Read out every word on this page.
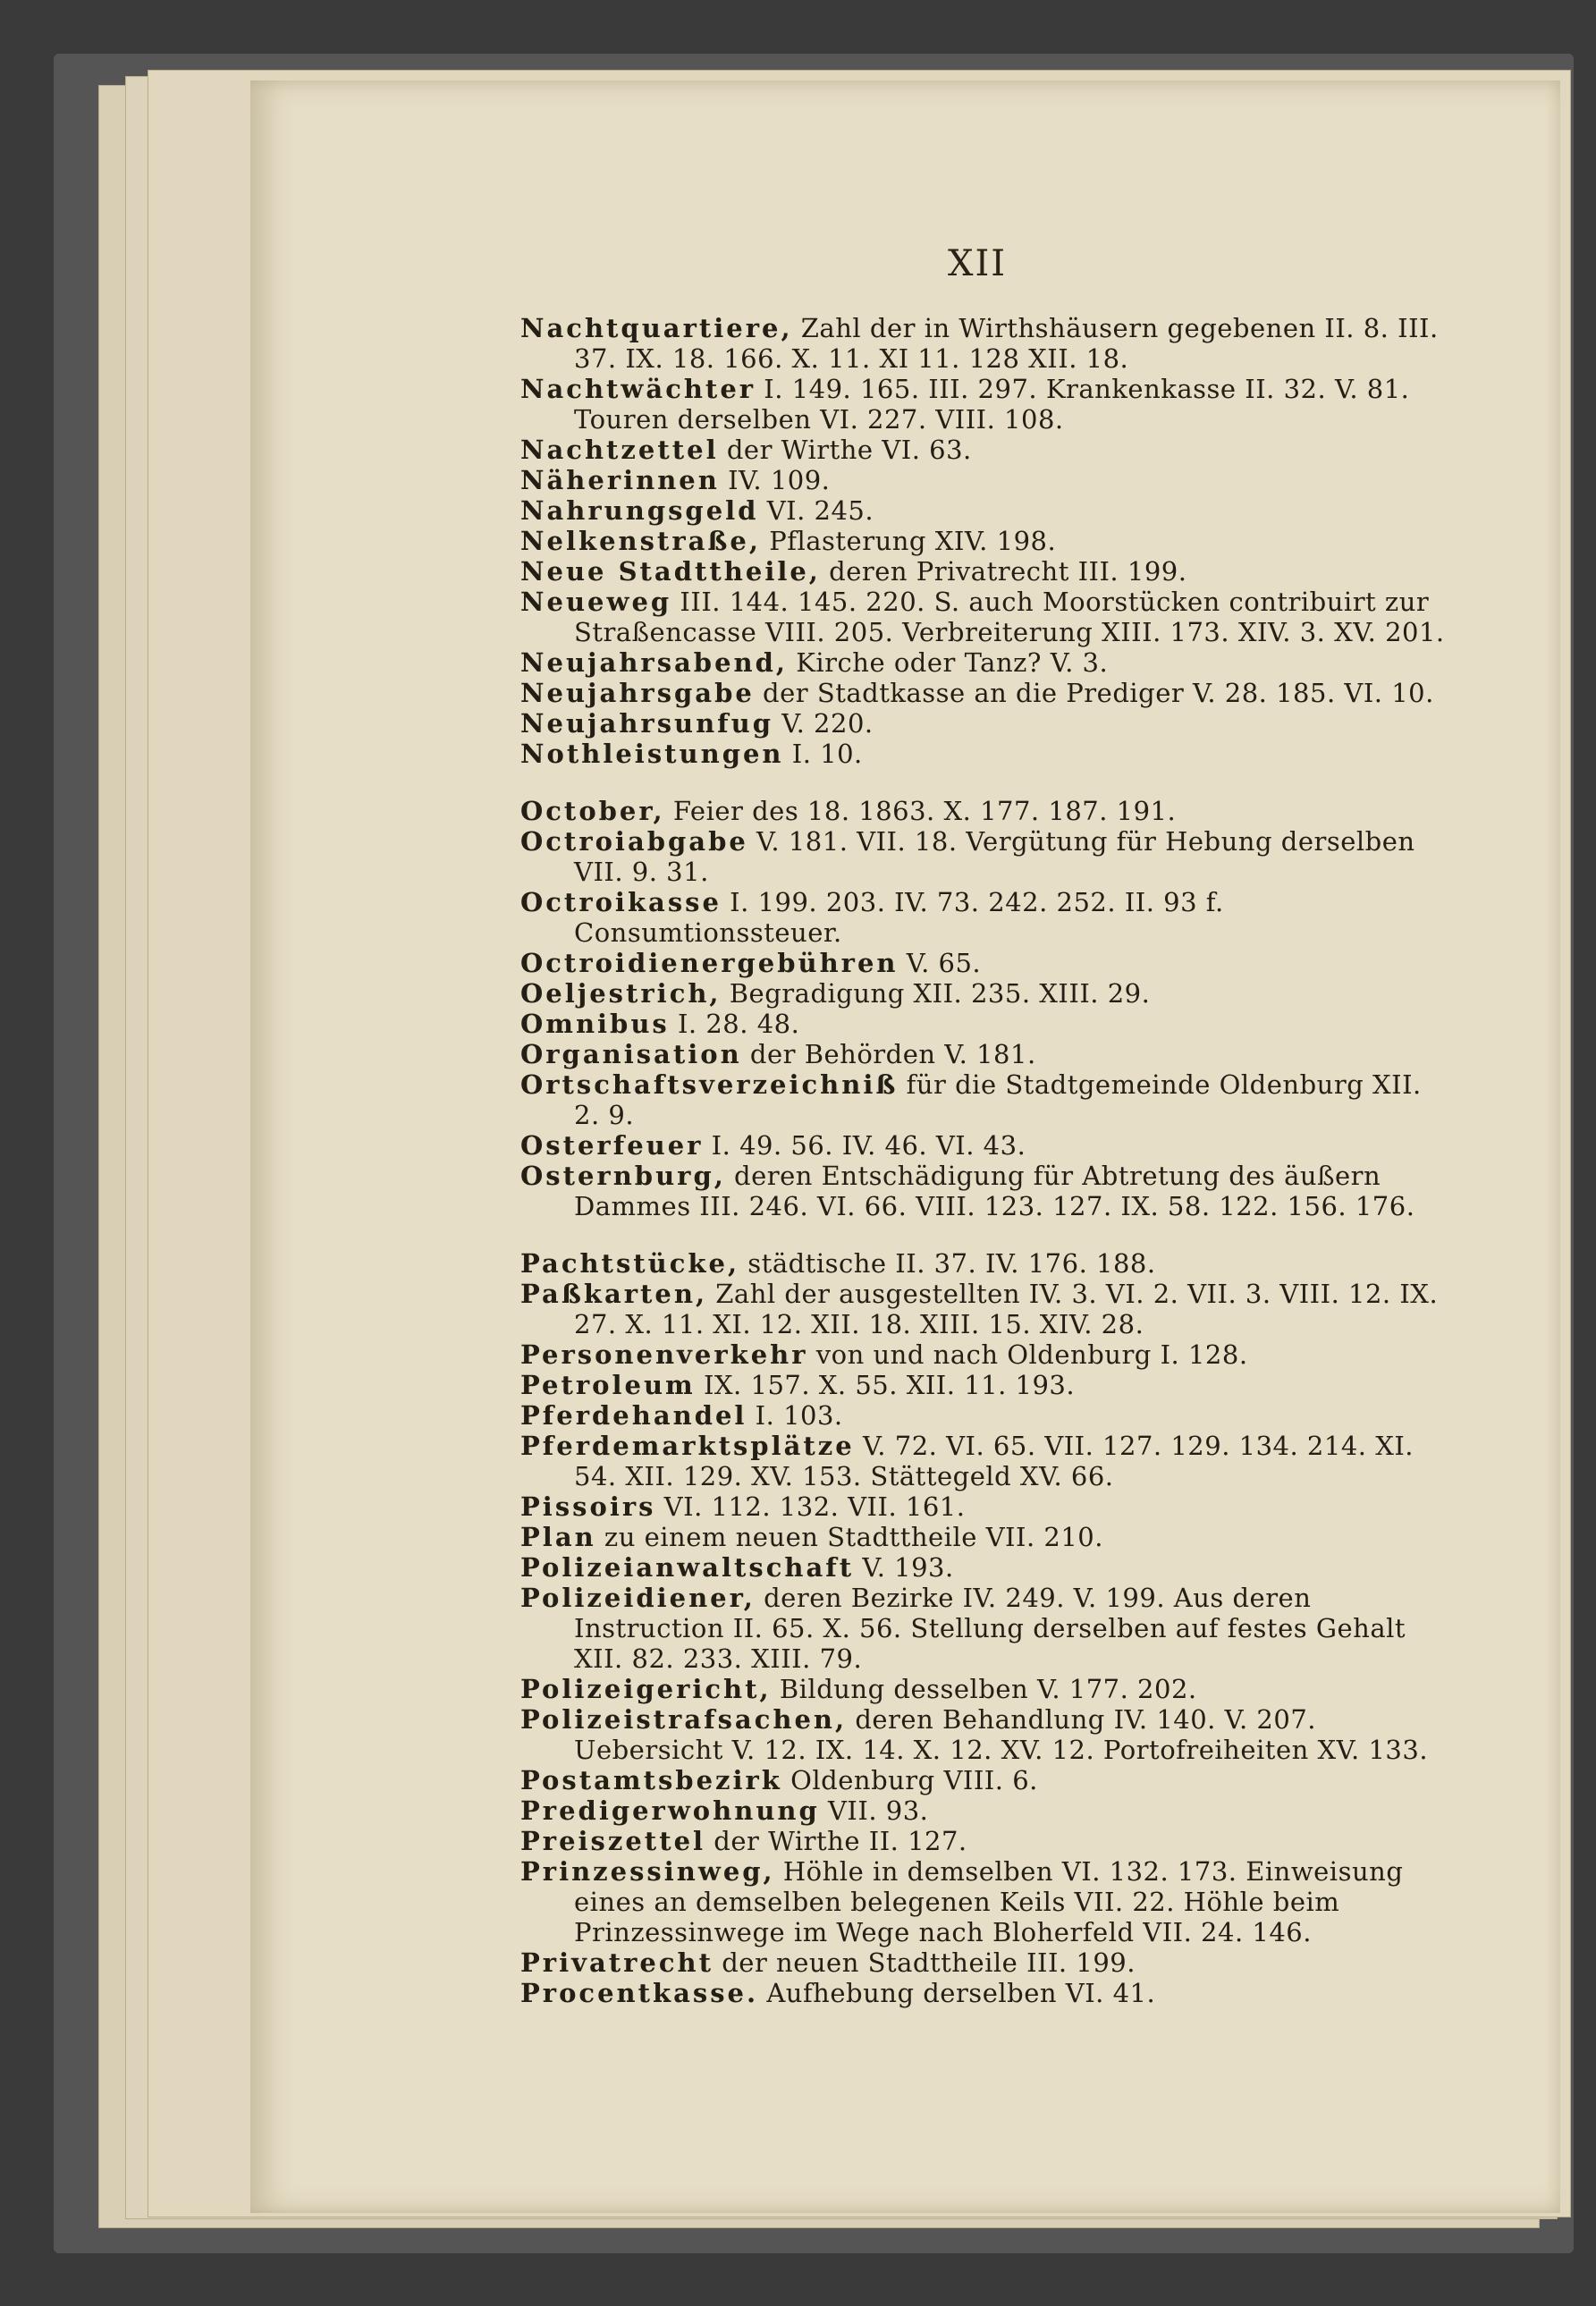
XII

Nachtquartiere, Zahl der in Wirthshäusern gegebenen II. 8. III. 37. IX. 18. 166. X. 11. XI 11. 128 XII. 18.

Nachtwächter I. 149. 165. III. 297. Krankenkasse II. 32. V. 81. Touren derselben VI. 227. VIII. 108.

Nachtzettel der Wirthe VI. 63.

Näherinnen IV. 109.

Nahrungsgeld VI. 245.

Nelkenstraße, Pflasterung XIV. 198.

Neue Stadttheile, deren Privatrecht III. 199.

Neueweg III. 144. 145. 220. S. auch Moorstücken contribuirt zur Straßencasse VIII. 205. Verbreiterung XIII. 173. XIV. 3. XV. 201.

Neujahrsabend, Kirche oder Tanz? V. 3.

Neujahrsgabe der Stadtkasse an die Prediger V. 28. 185. VI. 10.

Neujahrsunfug V. 220.

Nothleistungen I. 10.

October, Feier des 18. 1863. X. 177. 187. 191.

Octroiabgabe V. 181. VII. 18. Vergütung für Hebung derselben VII. 9. 31.

Octroikasse I. 199. 203. IV. 73. 242. 252. II. 93 f. Consumtionssteuer.

Octroidienergebühren V. 65.

Oeljestrich, Begradigung XII. 235. XIII. 29.

Omnibus I. 28. 48.

Organisation der Behörden V. 181.

Ortschaftsverzeichniß für die Stadtgemeinde Oldenburg XII. 2. 9.

Osterfeuer I. 49. 56. IV. 46. VI. 43.

Osternburg, deren Entschädigung für Abtretung des äußern Dammes III. 246. VI. 66. VIII. 123. 127. IX. 58. 122. 156. 176.

Pachtstücke, städtische II. 37. IV. 176. 188.

Paßkarten, Zahl der ausgestellten IV. 3. VI. 2. VII. 3. VIII. 12. IX. 27. X. 11. XI. 12. XII. 18. XIII. 15. XIV. 28.

Personenverkehr von und nach Oldenburg I. 128.

Petroleum IX. 157. X. 55. XII. 11. 193.

Pferdehandel I. 103.

Pferdemarktsplätze V. 72. VI. 65. VII. 127. 129. 134. 214. XI. 54. XII. 129. XV. 153. Stättegeld XV. 66.

Pissoirs VI. 112. 132. VII. 161.

Plan zu einem neuen Stadttheile VII. 210.

Polizeianwaltschaft V. 193.

Polizeidiener, deren Bezirke IV. 249. V. 199. Aus deren Instruction II. 65. X. 56. Stellung derselben auf festes Gehalt XII. 82. 233. XIII. 79.

Polizeigericht, Bildung desselben V. 177. 202.

Polizeistrafsachen, deren Behandlung IV. 140. V. 207. Uebersicht V. 12. IX. 14. X. 12. XV. 12. Portofreiheiten XV. 133.

Postamtsbezirk Oldenburg VIII. 6.

Predigerwohnung VII. 93.

Preiszettel der Wirthe II. 127.

Prinzessinweg, Höhle in demselben VI. 132. 173. Einweisung eines an demselben belegenen Keils VII. 22. Höhle beim Prinzessinwege im Wege nach Bloherfeld VII. 24. 146.

Privatrecht der neuen Stadttheile III. 199.

Procentkasse. Aufhebung derselben VI. 41.
